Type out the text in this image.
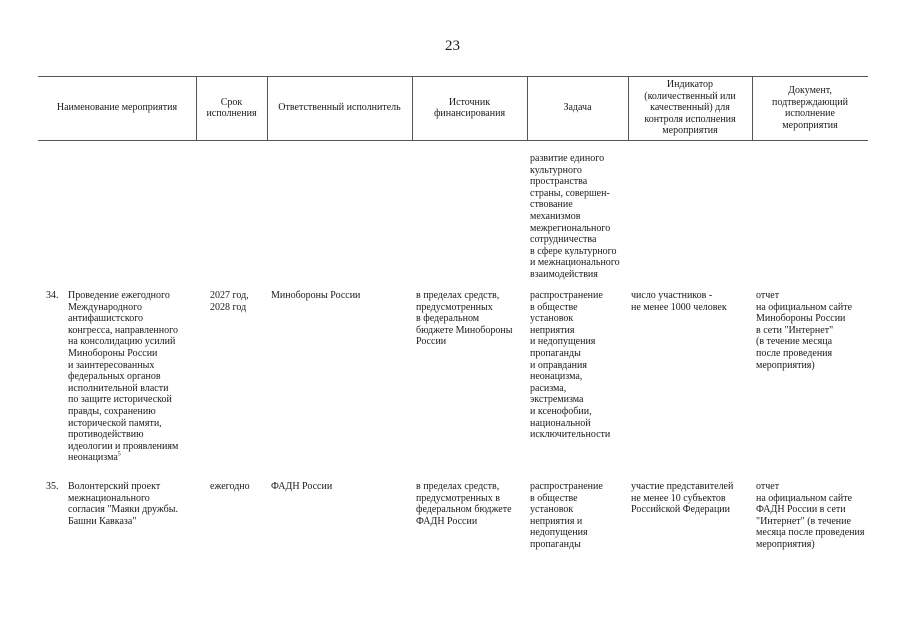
23
Наименование мероприятия
Срок исполнения
Ответственный исполнитель
Источник финансирования
Задача
Индикатор (количественный или качественный) для контроля исполнения мероприятия
Документ, подтверждающий исполнение мероприятия
развитие единого
культурного
пространства
страны, совершен-
ствование
механизмов
межрегионального
сотрудничества
в сфере культурного
и межнационального
взаимодействия
34. Проведение ежегодного
Международного
антифашистского
конгресса, направленного
на консолидацию усилий
Минобороны России
и заинтересованных
федеральных органов
исполнительной власти
по защите исторической
правды, сохранению
исторической памяти,
противодействию
идеологии и проявлениям
неонацизма$^5$
2027 год,
2028 год
Минобороны России	в пределах средств,
предусмотренных
в федеральном
бюджете Минобороны
России
распространение
в обществе
установок
неприятия
и недопущения
пропаганды
и оправдания
неонацизма,
расизма,
экстремизма
и ксенофобии,
национальной
исключительности
число участников -
не менее 1000 человек
отчет
на официальном сайте
Минобороны России
в сети "Интернет"
(в течение месяца
после проведения
мероприятия)
35. Волонтерский проект
межнационального
согласия "Маяки дружбы.
Башни Кавказа"
ежегодно ФАДН России	в пределах средств,
предусмотренных в
федеральном бюджете
ФАДН России
распространение
в обществе
установок
неприятия и
недопущения
пропаганды
участие представителей
не менее 10 субъектов
Российской Федерации
отчет
на официальном сайте
ФАДН России в сети
"Интернет" (в течение
месяца после проведения
мероприятия)
